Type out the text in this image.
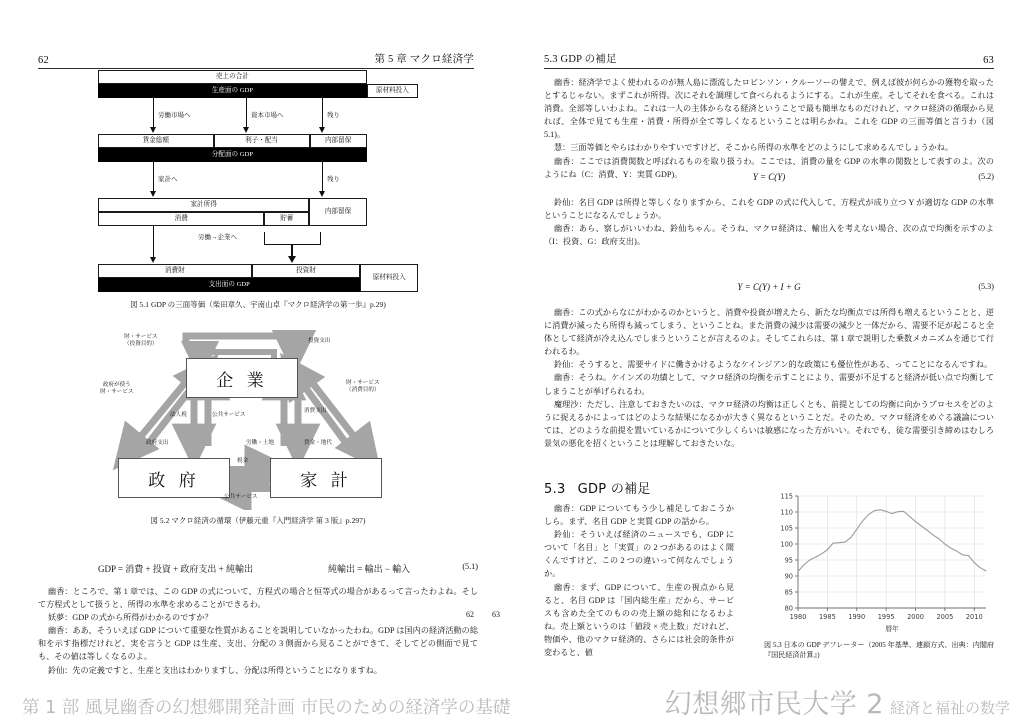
62	第 5 章 マクロ経済学
売上の合計
生産面の GDP	原材料投入
労働市場へ	資本市場へ	残り
賃金総額	利子・配当	内部留保
分配面の GDP
家計へ	残り
家計所得
内部留保
消費	貯蓄
労働→企業へ
消費財	投資財
原材料投入
支出面の GDP
図 5.1 GDP の三面等価（柴田章久、宇南山卓『マクロ経済学の第一歩』p.29)
企 業
政 府	家 計
財・サービス
（投資目的）	投資支出
政府が使う
財・サービス
政府支出
法人税	公共サービス
労働・土地	賃金・地代
消費支出
財・サービス
（消費目的）
税金
公共サービス
図 5.2 マクロ経済の循環（伊藤元重『入門経済学 第 3 版』p.297)
GDP = 消費 + 投資 + 政府支出 + 純輸出	純輸出 = 輸出 − 輸入	(5.1)

幽香：ところで、第 1 章では、この GDP の式について、方程式の場合と恒等式の場合があるって言ったわよね。そして方程式として扱うと、所得の水準を求めることができるわ。

妖夢：GDP の式から所得がわかるのですか？

幽香：ああ、そういえば GDP について重要な性質があることを説明していなかったわね。GDP は国内の経済活動の総和を示す指標だけれど、実を言うと GDP は生産、支出、分配の 3 側面から見ることができて、そしてどの側面で見ても、その値は等しくなるのよ。

鈴仙：先の定義ですと、生産と支出はわかりますし、分配は所得ということになりますね。

62 63
5.3 GDP の補足	63

幽香：経済学でよく使われるのが無人島に漂流したロビンソン・クルーソーの譬えで、例えば彼が何らかの獲物を取ったとするじゃない。まずこれが所得。次にそれを調理して食べられるようにする。これが生産。そしてそれを食べる。これは消費。全部等しいわよね。これは一人の主体からなる経済ということで最も簡単なものだけれど、マクロ経済の循環から見れば、全体で見ても生産・消費・所得が全て等しくなるということは明らかね。これを GDP の三面等価と言うわ（図 5.1)。

慧：三面等価とやらはわかりやすいですけど、そこから所得の水準をどのようにして求めるんでしょうかね。

幽香：ここでは消費関数と呼ばれるものを取り扱うわ。ここでは、消費の量を GDP の水準の関数として表すのよ。次のようにね（C：消費、Y：実質 GDP)。	Y = C(Y)	(5.2)

鈴仙：名目 GDP は所得と等しくなりますから、これを GDP の式に代入して、方程式が成り立つ Y が適切な GDP の水準ということになるんでしょうか。

幽香：あら、察しがいいわね、鈴仙ちゃん。そうね、マクロ経済は、輸出入を考えない場合、次の点で均衡を示すのよ（I：投資、G：政府支出)。

Y = C(Y) + I + G	(5.3)

幽香：この式からなにがわかるのかというと、消費や投資が増えたら、新たな均衡点では所得も増えるということと、逆に消費が減ったら所得も減ってしまう、ということね。また消費の減少は需要の減少と一体だから、需要不足が起こると全体として経済が冷え込んでしまうということが言えるのよ。そしてこれらは、第 1 章で説明した乗数メカニズムを通じて行われるわ。

鈴仙：そうすると、需要サイドに働きかけるようなケインジアン的な政策にも優位性がある、ってことになるんですね。

幽香：そうね。ケインズの功績として、マクロ経済の均衡を示すことにより、需要が不足すると経済が低い点で均衡してしまうことが挙げられるわ。

魔理沙：ただし、注意しておきたいのは、マクロ経済の均衡は正しくとも、前提としての均衡に向かうプロセスをどのように捉えるかによってはどのような結果になるかが大きく異なるということだ。そのため、マクロ経済をめぐる議論については、どのような前提を置いているかについて少しくらいは敏感になった方がいい。それでも、徒な需要引き締めはむしろ景気の悪化を招くということは理解しておきたいな。

5.3 GDP の補足

幽香：GDP についてもう少し補足しておこうかしら。まず、名目 GDP と実質 GDP の話から。

鈴仙：そういえば経済のニュースでも、GDP について「名目」と「実質」の 2 つがあるのはよく聞くんですけど、この 2 つの違いって何なんでしょうか。

幽香：まず、GDP について、生産の視点から見ると、名目 GDP は「国内総生産」だから、サービスも含めた全てのものの売上額の総和になるわよね。売上額というのは「値段 × 売上数」だけれど、物価や、他のマクロ経済的、さらには社会的条件が変わると、値

80
85
90
95
100
105
110
115
1980 1985 1990 1995 2000 2005 2010
暦年
図 5.3 日本の GDP デフレーター（2005 年基準、連鎖方式、出典：内閣府『国民経済計算』)
第 1 部 風見幽香の幻想郷開発計画 市民のための経済学の基礎	幻想郷市民大学 2 経済と福祉の数学
